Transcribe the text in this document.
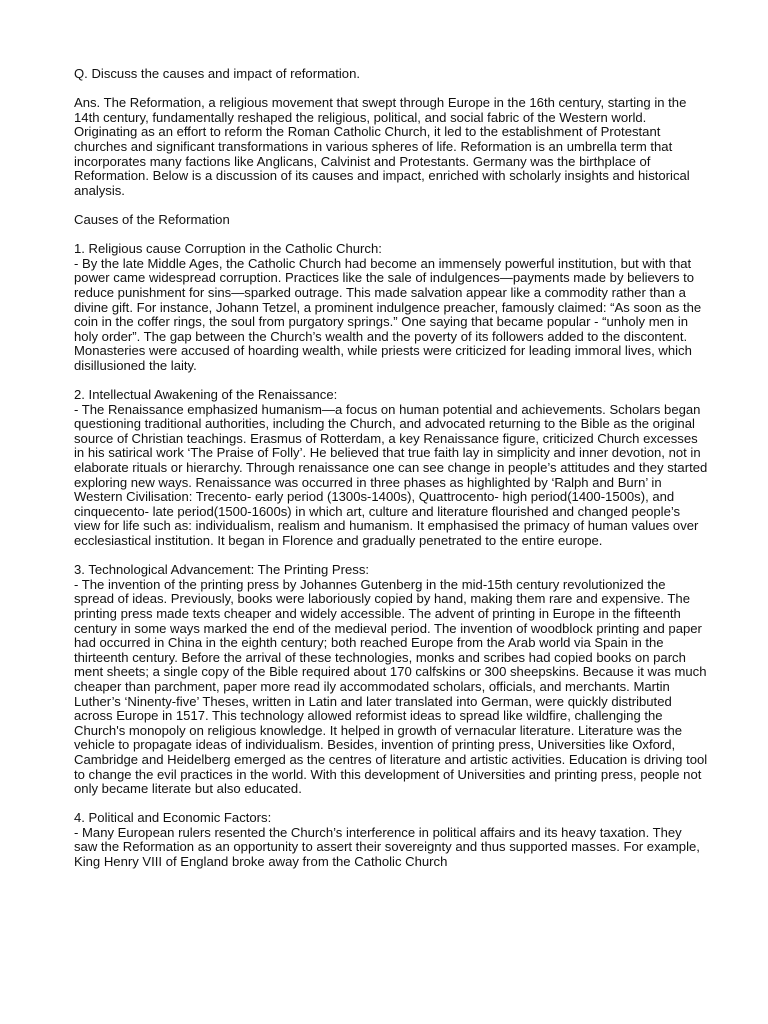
Q. Discuss the causes and impact of reformation.

Ans. The Reformation, a religious movement that swept through Europe in the 16th century, starting in the 14th century, fundamentally reshaped the religious, political, and social fabric of the Western world. Originating as an effort to reform the Roman Catholic Church, it led to the establishment of Protestant churches and significant transformations in various spheres of life. Reformation is an umbrella term that incorporates many factions like Anglicans, Calvinist and Protestants. Germany was the birthplace of Reformation. Below is a discussion of its causes and impact, enriched with scholarly insights and historical analysis.

Causes of the Reformation

1. Religious cause Corruption in the Catholic Church:

- By the late Middle Ages, the Catholic Church had become an immensely powerful institution, but with that power came widespread corruption. Practices like the sale of indulgences—payments made by believers to reduce punishment for sins—sparked outrage. This made salvation appear like a commodity rather than a divine gift. For instance, Johann Tetzel, a prominent indulgence preacher, famously claimed: “As soon as the coin in the coffer rings, the soul from purgatory springs.” One saying that became popular - “unholy men in holy order”. The gap between the Church’s wealth and the poverty of its followers added to the discontent. Monasteries were accused of hoarding wealth, while priests were criticized for leading immoral lives, which disillusioned the laity.

2. Intellectual Awakening of the Renaissance:

- The Renaissance emphasized humanism—a focus on human potential and achievements. Scholars began questioning traditional authorities, including the Church, and advocated returning to the Bible as the original source of Christian teachings. Erasmus of Rotterdam, a key Renaissance figure, criticized Church excesses in his satirical work ‘The Praise of Folly’. He believed that true faith lay in simplicity and inner devotion, not in elaborate rituals or hierarchy. Through renaissance one can see change in people’s attitudes and they started exploring new ways. Renaissance was occurred in three phases as highlighted by ‘Ralph and Burn’ in Western Civilisation: Trecento- early period (1300s-1400s), Quattrocento- high period(1400-1500s), and cinquecento- late period(1500-1600s) in which art, culture and literature flourished and changed people’s view for life such as: individualism, realism and humanism. It emphasised the primacy of human values over ecclesiastical institution. It began in Florence and gradually penetrated to the entire europe.

3. Technological Advancement: The Printing Press:

- The invention of the printing press by Johannes Gutenberg in the mid-15th century revolutionized the spread of ideas. Previously, books were laboriously copied by hand, making them rare and expensive. The printing press made texts cheaper and widely accessible. The advent of printing in Europe in the fifteenth century in some ways marked the end of the medieval period. The invention of woodblock printing and paper had occurred in China in the eighth century; both reached Europe from the Arab world via Spain in the thirteenth century. Before the arrival of these technologies, monks and scribes had copied books on parch ment sheets; a single copy of the Bible required about 170 calfskins or 300 sheepskins. Because it was much cheaper than parchment, paper more read ily accommodated scholars, officials, and merchants. Martin Luther’s ‘Ninenty-five’ Theses, written in Latin and later translated into German, were quickly distributed across Europe in 1517. This technology allowed reformist ideas to spread like wildfire, challenging the Church's monopoly on religious knowledge. It helped in growth of vernacular literature. Literature was the vehicle to propagate ideas of individualism. Besides, invention of printing press, Universities like Oxford, Cambridge and Heidelberg emerged as the centres of literature and artistic activities. Education is driving tool to change the evil practices in the world. With this development of Universities and printing press, people not only became literate but also educated.

4. Political and Economic Factors:

- Many European rulers resented the Church’s interference in political affairs and its heavy taxation. They saw the Reformation as an opportunity to assert their sovereignty and thus supported masses. For example, King Henry VIII of England broke away from the Catholic Church
